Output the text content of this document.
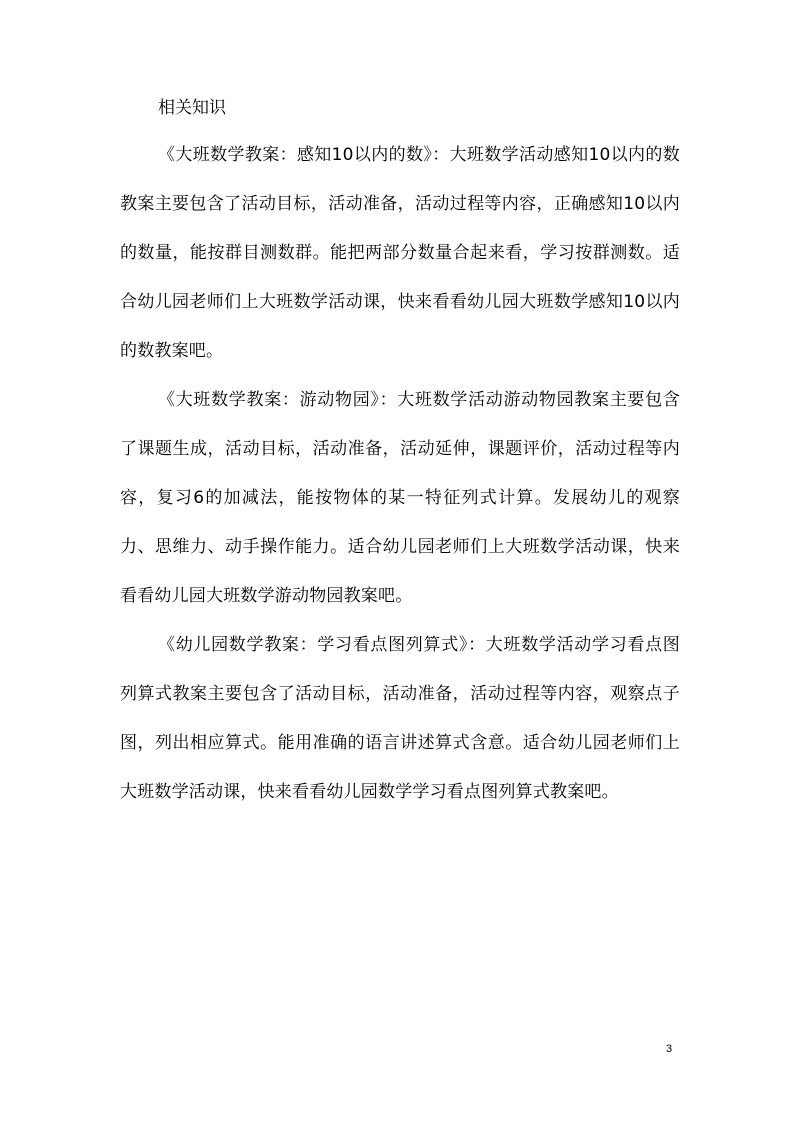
相关知识

《大班数学教案：感知10以内的数》：大班数学活动感知10以内的数教案主要包含了活动目标，活动准备，活动过程等内容，正确感知10以内的数量，能按群目测数群。能把两部分数量合起来看，学习按群测数。适合幼儿园老师们上大班数学活动课，快来看看幼儿园大班数学感知10以内的数教案吧。

《大班数学教案：游动物园》：大班数学活动游动物园教案主要包含了课题生成，活动目标，活动准备，活动延伸，课题评价，活动过程等内容，复习6的加减法，能按物体的某一特征列式计算。发展幼儿的观察力、思维力、动手操作能力。适合幼儿园老师们上大班数学活动课，快来看看幼儿园大班数学游动物园教案吧。

《幼儿园数学教案：学习看点图列算式》：大班数学活动学习看点图列算式教案主要包含了活动目标，活动准备，活动过程等内容，观察点子图，列出相应算式。能用准确的语言讲述算式含意。适合幼儿园老师们上大班数学活动课，快来看看幼儿园数学学习看点图列算式教案吧。

3
